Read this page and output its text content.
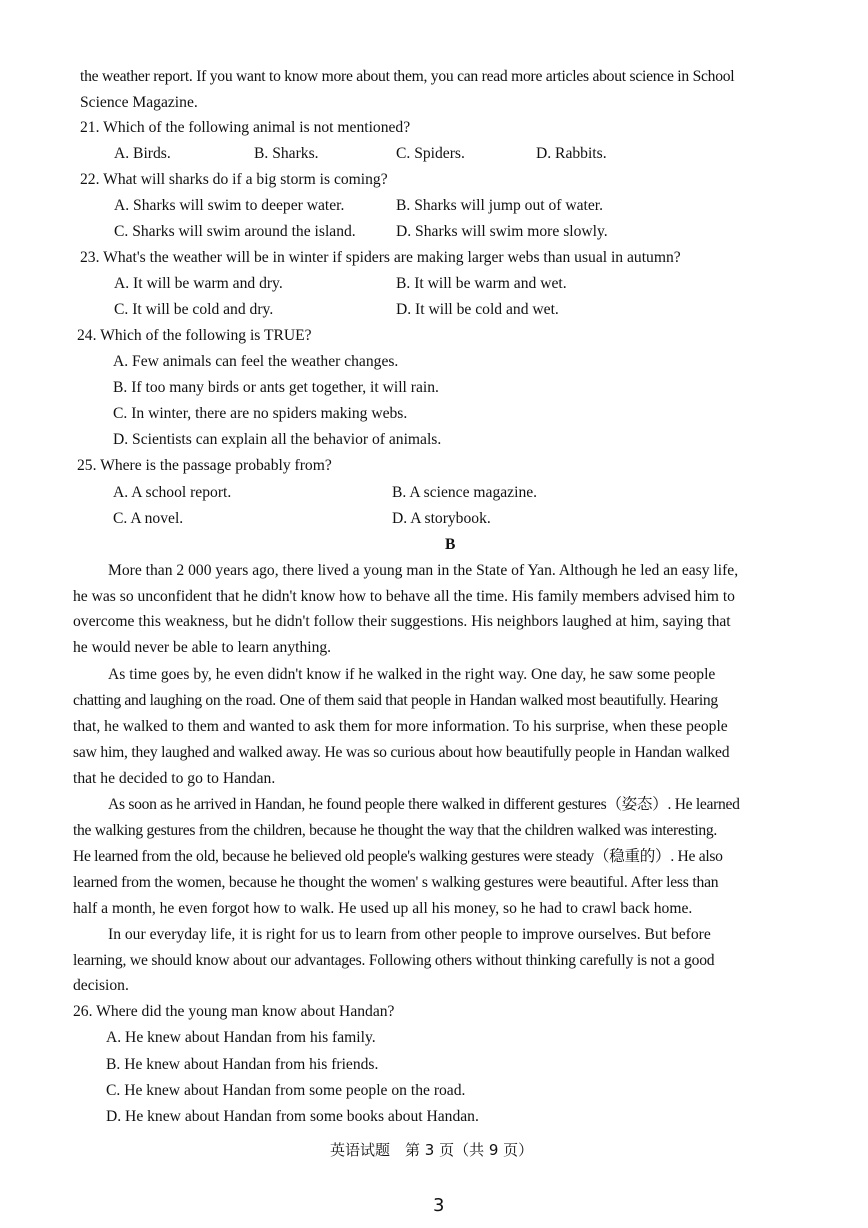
the weather report. If you want to know more about them, you can read more articles about science in School
Science Magazine.
21. Which of the following animal is not mentioned?
A. Birds.	B. Sharks.	C. Spiders.	D. Rabbits.
22. What will sharks do if a big storm is coming?
A. Sharks will swim to deeper water.	B. Sharks will jump out of water.
C. Sharks will swim around the island.	D. Sharks will swim more slowly.
23. What's the weather will be in winter if spiders are making larger webs than usual in autumn?
A. It will be warm and dry.	B. It will be warm and wet.
C. It will be cold and dry.	D. It will be cold and wet.
24. Which of the following is TRUE?
A. Few animals can feel the weather changes.
B. If too many birds or ants get together, it will rain.
C. In winter, there are no spiders making webs.
D. Scientists can explain all the behavior of animals.
25. Where is the passage probably from?
A. A school report.	B. A science magazine.
C. A novel.	D. A storybook.
B
More than 2 000 years ago, there lived a young man in the State of Yan. Although he led an easy life,
he was so unconfident that he didn't know how to behave all the time. His family members advised him to
overcome this weakness, but he didn't follow their suggestions. His neighbors laughed at him, saying that
he would never be able to learn anything.
As time goes by, he even didn't know if he walked in the right way. One day, he saw some people
chatting and laughing on the road. One of them said that people in Handan walked most beautifully. Hearing
that, he walked to them and wanted to ask them for more information. To his surprise, when these people
saw him, they laughed and walked away. He was so curious about how beautifully people in Handan walked
that he decided to go to Handan.
As soon as he arrived in Handan, he found people there walked in different gestures（姿态）. He learned
the walking gestures from the children, because he thought the way that the children walked was interesting.
He learned from the old, because he believed old people's walking gestures were steady（稳重的）. He also
learned from the women, because he thought the women' s walking gestures were beautiful. After less than
half a month, he even forgot how to walk. He used up all his money, so he had to crawl back home.
In our everyday life, it is right for us to learn from other people to improve ourselves. But before
learning, we should know about our advantages. Following others without thinking carefully is not a good
decision.
26. Where did the young man know about Handan?
A. He knew about Handan from his family.
B. He knew about Handan from his friends.
C. He knew about Handan from some people on the road.
D. He knew about Handan from some books about Handan.
英语试题　第 3 页（共 9 页）
3
